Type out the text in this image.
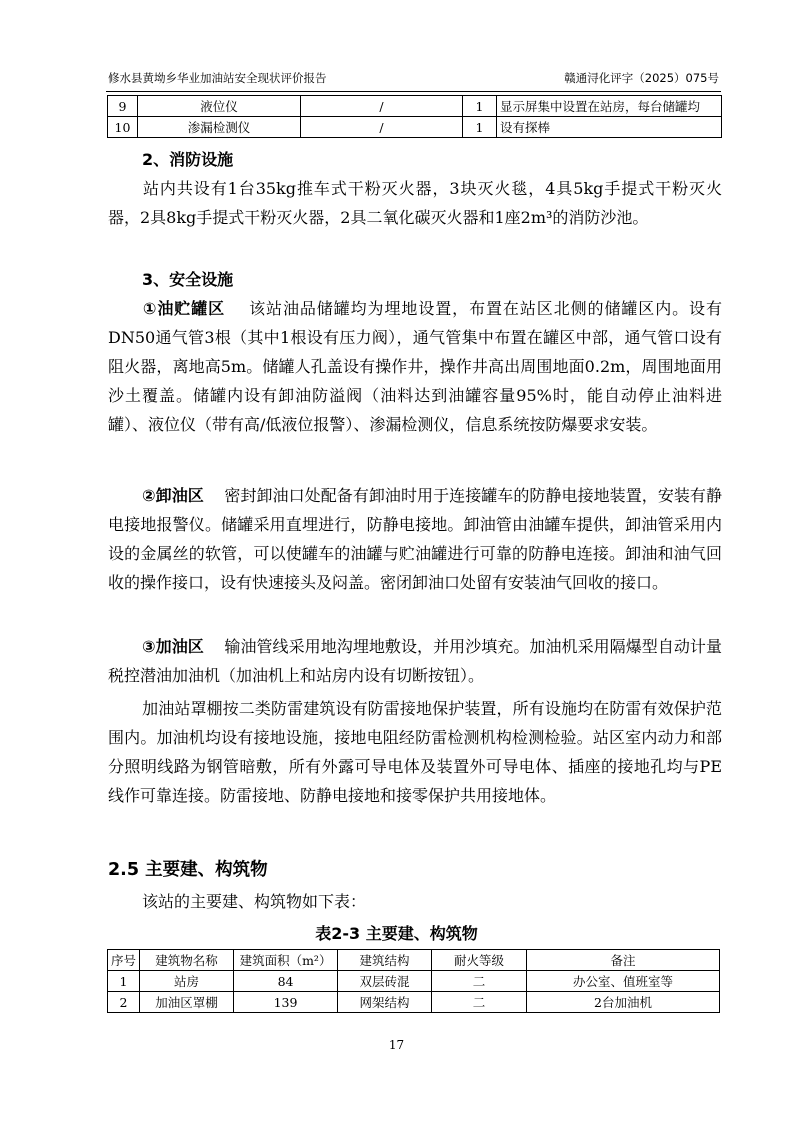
修水县黄坳乡华业加油站安全现状评价报告	赣通浔化评字（2025）075号
9	液位仪	/	1	显示屏集中设置在站房，每台储罐均
10	渗漏检测仪	/	1	设有探棒
2、消防设施
站内共设有1台35kg推车式干粉灭火器，3块灭火毯，4具5kg手提式干粉灭火器，2具8kg手提式干粉灭火器，2具二氧化碳灭火器和1座2m³的消防沙池。
3、安全设施
①油贮罐区 该站油品储罐均为埋地设置，布置在站区北侧的储罐区内。设有DN50通气管3根（其中1根设有压力阀），通气管集中布置在罐区中部，通气管口设有阻火器，离地高5m。储罐人孔盖设有操作井，操作井高出周围地面0.2m，周围地面用沙土覆盖。储罐内设有卸油防溢阀（油料达到油罐容量95%时，能自动停止油料进罐）、液位仪（带有高/低液位报警）、渗漏检测仪，信息系统按防爆要求安装。
②卸油区 密封卸油口处配备有卸油时用于连接罐车的防静电接地装置，安装有静电接地报警仪。储罐采用直埋进行，防静电接地。卸油管由油罐车提供，卸油管采用内设的金属丝的软管，可以使罐车的油罐与贮油罐进行可靠的防静电连接。卸油和油气回收的操作接口，设有快速接头及闷盖。密闭卸油口处留有安装油气回收的接口。
③加油区 输油管线采用地沟埋地敷设，并用沙填充。加油机采用隔爆型自动计量税控潜油加油机（加油机上和站房内设有切断按钮）。
加油站罩棚按二类防雷建筑设有防雷接地保护装置，所有设施均在防雷有效保护范围内。加油机均设有接地设施，接地电阻经防雷检测机构检测检验。站区室内动力和部分照明线路为钢管暗敷，所有外露可导电体及装置外可导电体、插座的接地孔均与PE线作可靠连接。防雷接地、防静电接地和接零保护共用接地体。
2.5 主要建、构筑物
该站的主要建、构筑物如下表：
表2-3 主要建、构筑物
序号	建筑物名称	建筑面积（m²）	建筑结构	耐火等级	备注
1	站房	84	双层砖混	二	办公室、值班室等
2	加油区罩棚	139	网架结构	二	2台加油机
17
